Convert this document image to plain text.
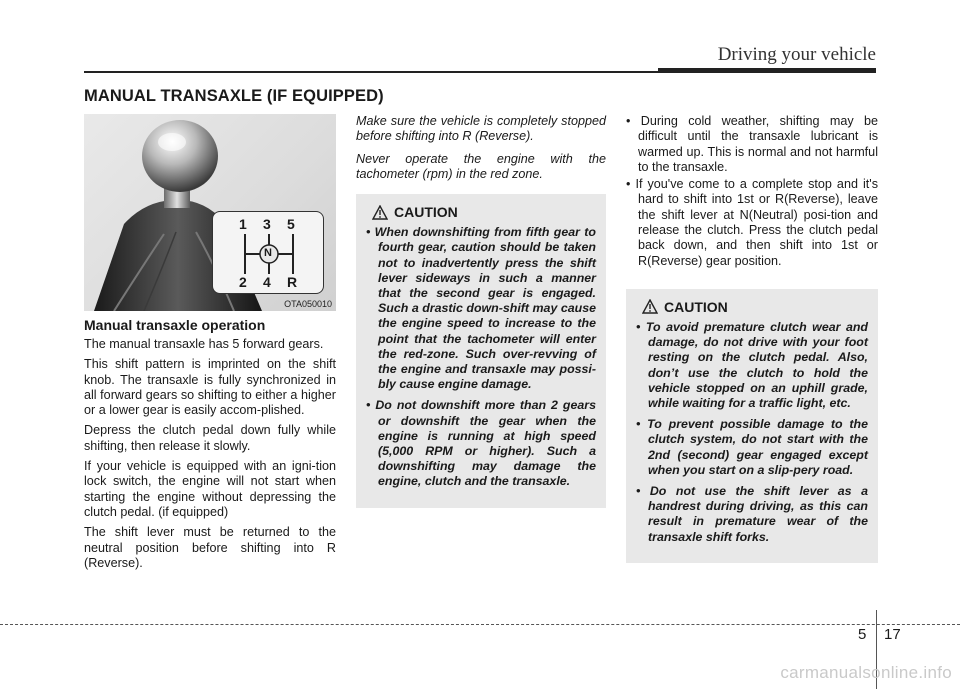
Driving your vehicle
MANUAL TRANSAXLE (IF EQUIPPED)
1 3 5
N
2 4 R
OTA050010
Manual transaxle operation

The manual transaxle has 5 forward gears.

This shift pattern is imprinted on the shift knob. The transaxle is fully synchronized in all forward gears so shifting to either a higher or a lower gear is easily accom-plished.

Depress the clutch pedal down fully while shifting, then release it slowly.

If your vehicle is equipped with an igni-tion lock switch, the engine will not start when starting the engine without depressing the clutch pedal. (if equipped)

The shift lever must be returned to the neutral position before shifting into R (Reverse).

Make sure the vehicle is completely stopped before shifting into R (Reverse).

Never operate the engine with the tachometer (rpm) in the red zone.

CAUTION
• When downshifting from fifth gear to fourth gear, caution should be taken not to inadvertently press the shift lever sideways in such a manner that the second gear is engaged. Such a drastic down-shift may cause the engine speed to increase to the point that the tachometer will enter the red-zone. Such over-revving of the engine and transaxle may possi-bly cause engine damage.
• Do not downshift more than 2 gears or downshift the gear when the engine is running at high speed (5,000 RPM or higher). Such a downshifting may damage the engine, clutch and the transaxle.
• During cold weather, shifting may be difficult until the transaxle lubricant is warmed up. This is normal and not harmful to the transaxle.
• If you've come to a complete stop and it's hard to shift into 1st or R(Reverse), leave the shift lever at N(Neutral) posi-tion and release the clutch. Press the clutch pedal back down, and then shift into 1st or R(Reverse) gear position.
CAUTION
• To avoid premature clutch wear and damage, do not drive with your foot resting on the clutch pedal. Also, don’t use the clutch to hold the vehicle stopped on an uphill grade, while waiting for a traffic light, etc.
• To prevent possible damage to the clutch system, do not start with the 2nd (second) gear engaged except when you start on a slip-pery road.
• Do not use the shift lever as a handrest during driving, as this can result in premature wear of the transaxle shift forks.
5 17
carmanualsonline.info
